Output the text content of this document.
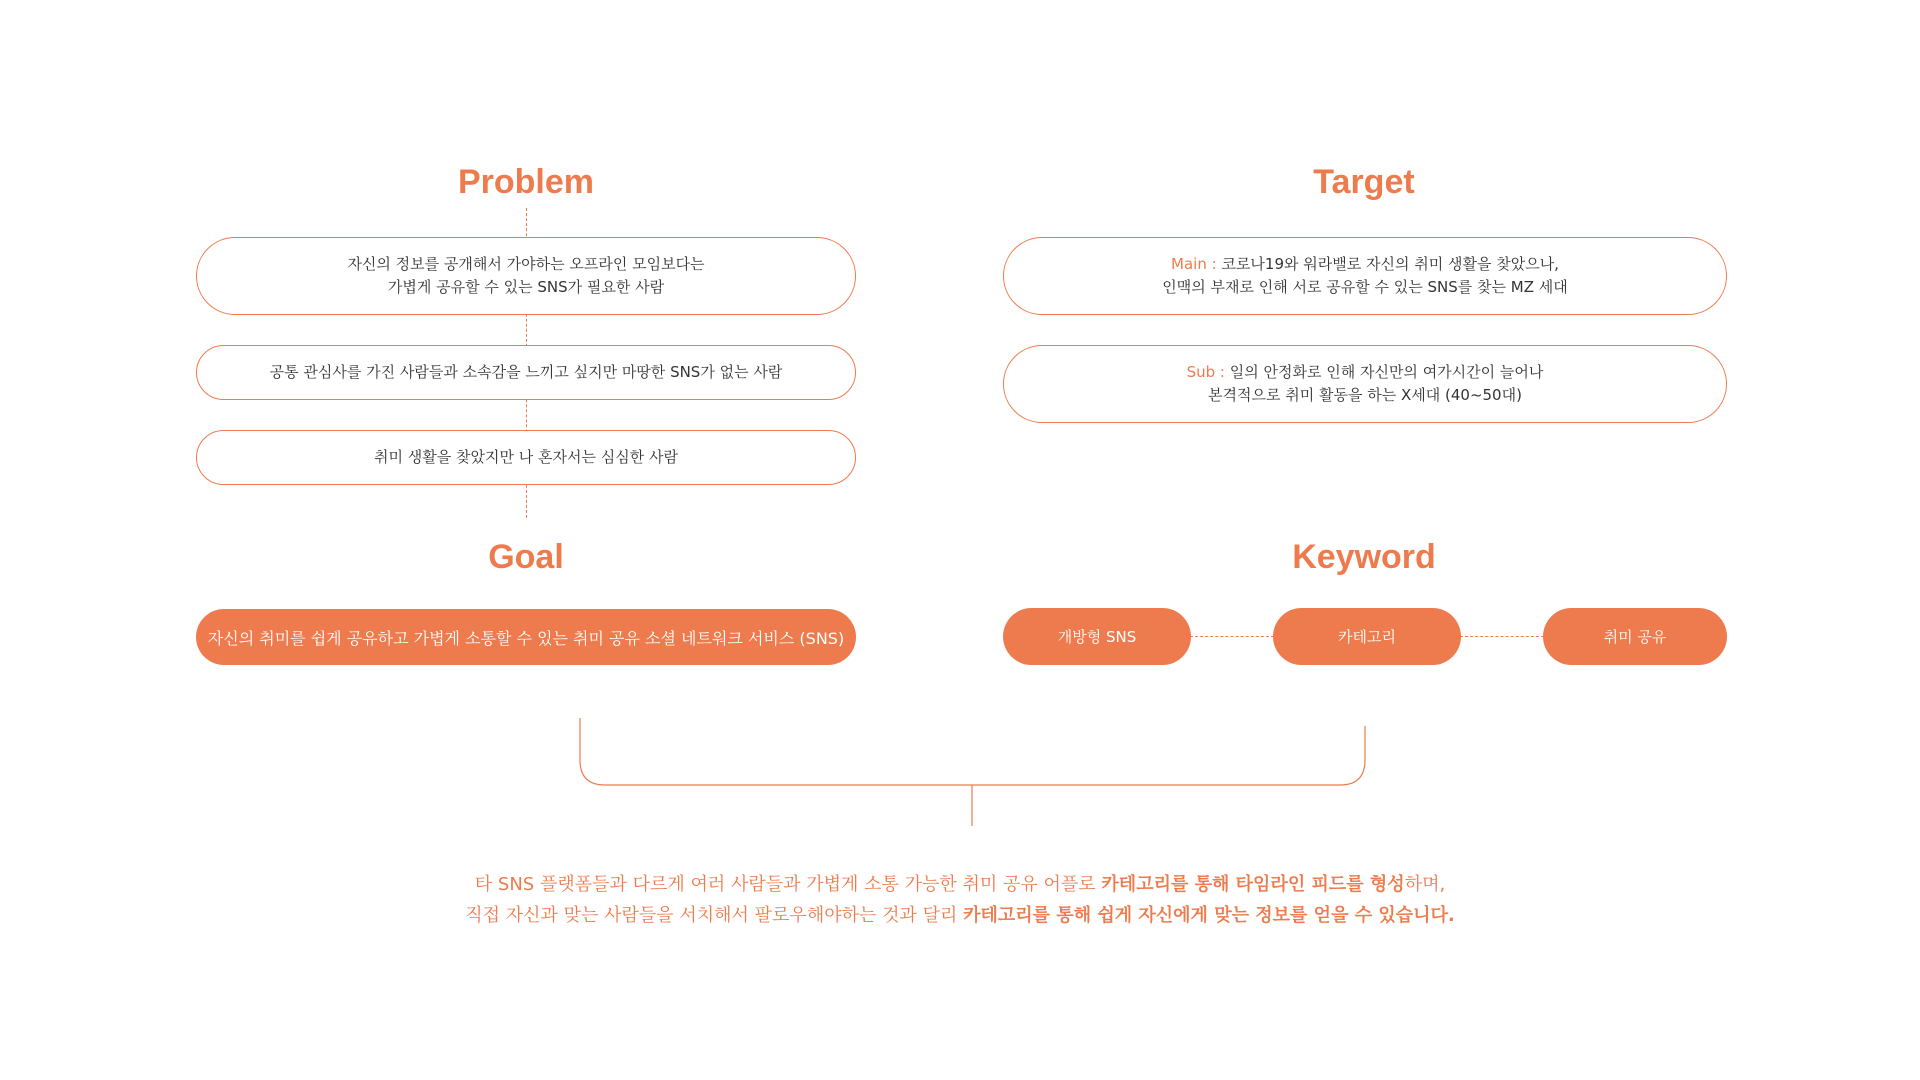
Problem
자신의 정보를 공개해서 가야하는 오프라인 모임보다는
가볍게 공유할 수 있는 SNS가 필요한 사람
공통 관심사를 가진 사람들과 소속감을 느끼고 싶지만 마땅한 SNS가 없는 사람
취미 생활을 찾았지만 나 혼자서는 심심한 사람
Target
Main : 코로나19와 워라밸로 자신의 취미 생활을 찾았으나,
인맥의 부재로 인해 서로 공유할 수 있는 SNS를 찾는 MZ 세대
Sub : 일의 안정화로 인해 자신만의 여가시간이 늘어나
본격적으로 취미 활동을 하는 X세대 (40~50대)
Goal
자신의 취미를 쉽게 공유하고 가볍게 소통할 수 있는 취미 공유 소셜 네트워크 서비스 (SNS)
Keyword
개방형 SNS	카테고리	취미 공유
타 SNS 플랫폼들과 다르게 여러 사람들과 가볍게 소통 가능한 취미 공유 어플로 카테고리를 통해 타임라인 피드를 형성하며,
직접 자신과 맞는 사람들을 서치해서 팔로우해야하는 것과 달리 카테고리를 통해 쉽게 자신에게 맞는 정보를 얻을 수 있습니다.
